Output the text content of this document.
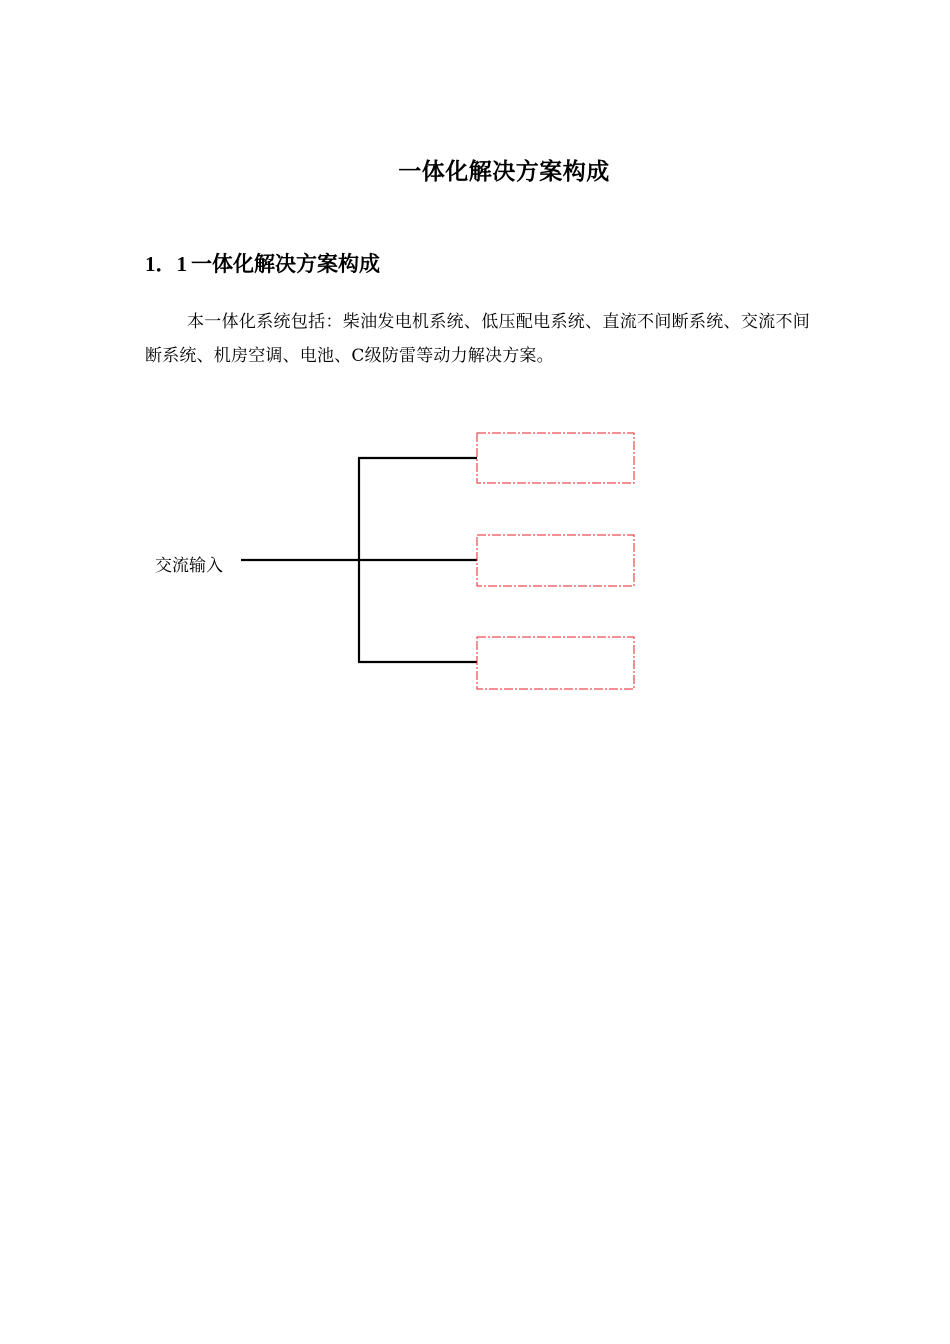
一体化解决方案构成
1．1 一体化解决方案构成
本一体化系统包括：柴油发电机系统、低压配电系统、直流不间断系统、交流不间断系统、机房空调、电池、C级防雷等动力解决方案。
交流输入
